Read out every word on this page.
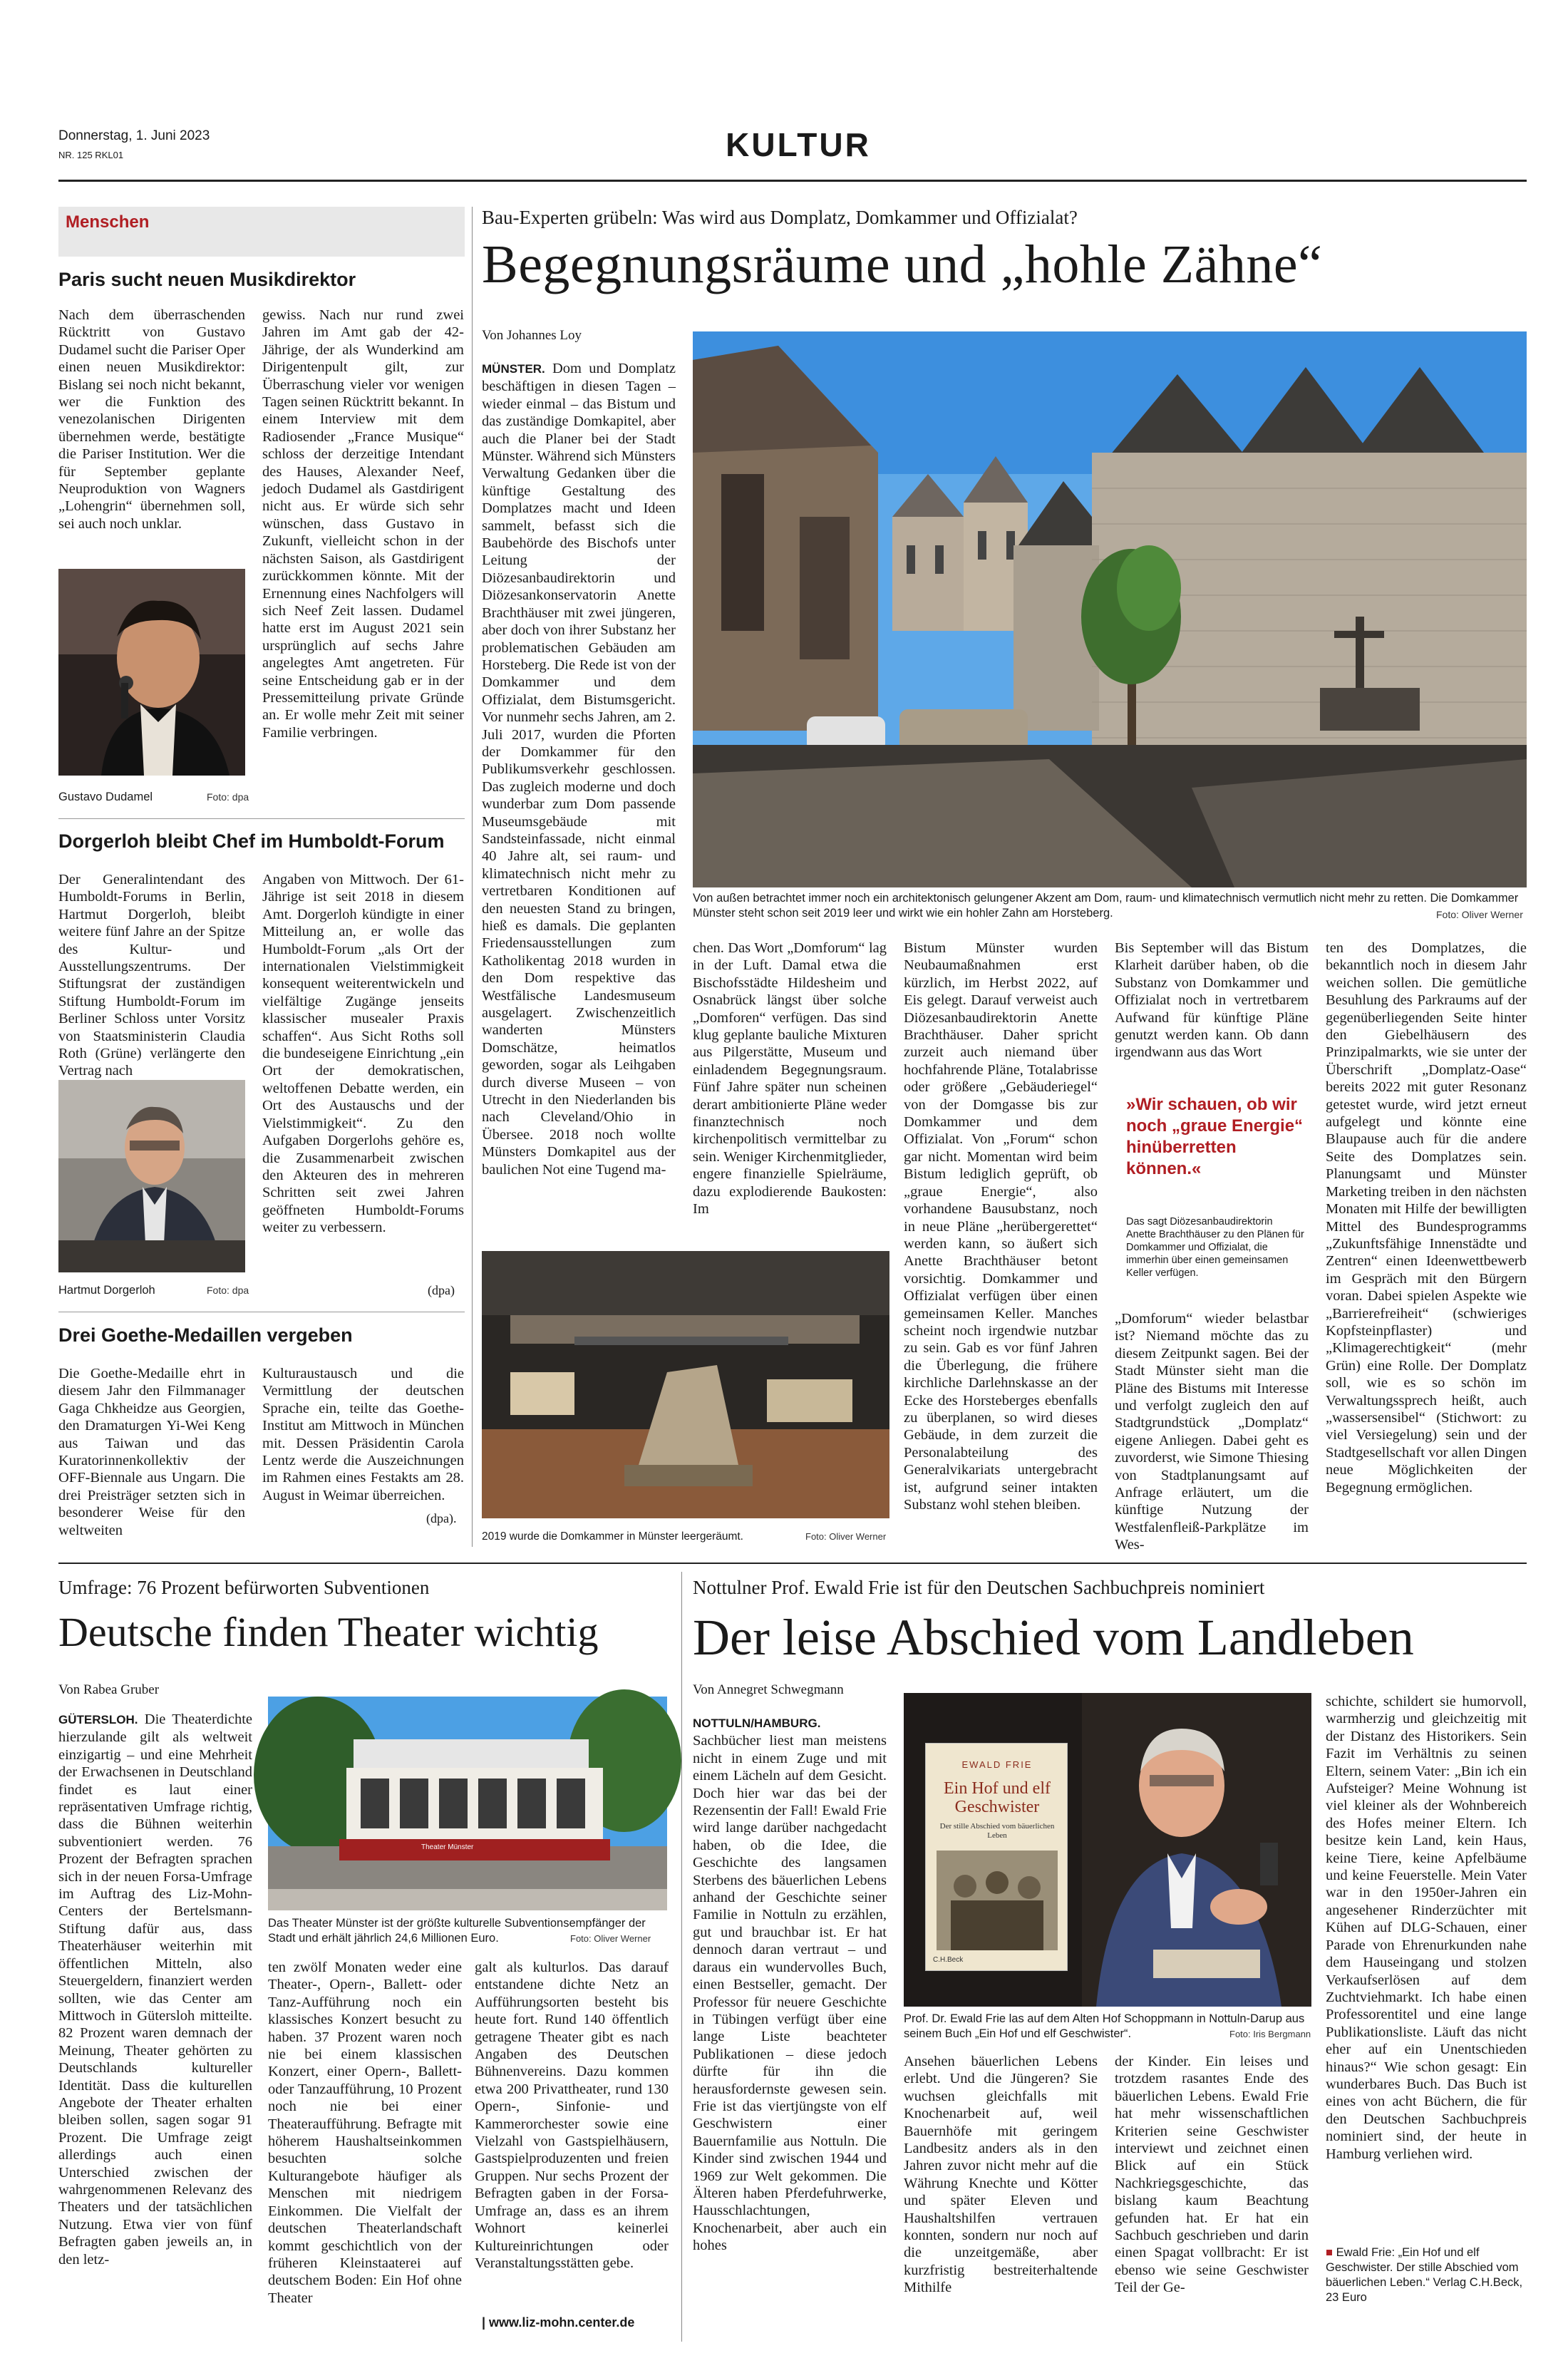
Donnerstag, 1. Juni 2023
NR. 125 RKL01	KULTUR
Menschen
Paris sucht neuen Musikdirektor
Nach dem überraschenden Rücktritt von Gustavo Dudamel sucht die Pariser Oper einen neuen Musikdirektor: Bislang sei noch nicht bekannt, wer die Funktion des venezolanischen Dirigenten übernehmen werde, bestätigte die Pariser Institution. Wer die für September geplante Neuproduktion von Wagners „Lohengrin“ übernehmen soll, sei auch noch unklar.
gewiss. Nach nur rund zwei Jahren im Amt gab der 42-Jährige, der als Wunderkind am Dirigentenpult gilt, zur Überraschung vieler vor wenigen Tagen seinen Rücktritt bekannt. In einem Interview mit dem Radiosender „France Musique“ schloss der derzeitige Intendant des Hauses, Alexander Neef, jedoch Dudamel als Gastdirigent nicht aus. Er würde sich sehr wünschen, dass Gustavo in Zukunft, vielleicht schon in der nächsten Saison, als Gastdirigent zurückkommen könnte. Mit der Ernennung eines Nachfolgers will sich Neef Zeit lassen. Dudamel hatte erst im August 2021 sein ursprünglich auf sechs Jahre angelegtes Amt angetreten. Für seine Entscheidung gab er in der Pressemitteilung private Gründe an. Er wolle mehr Zeit mit seiner Familie verbringen.
Gustavo Dudamel	Foto: dpa
Dorgerloh bleibt Chef im Humboldt-Forum
Der Generalintendant des Humboldt-Forums in Berlin, Hartmut Dorgerloh, bleibt weitere fünf Jahre an der Spitze des Kultur- und Ausstellungszentrums. Der Stiftungsrat der zuständigen Stiftung Humboldt-Forum im Berliner Schloss unter Vorsitz von Staatsministerin Claudia Roth (Grüne) verlängerte den Vertrag nach
Angaben von Mittwoch. Der 61-Jährige ist seit 2018 in diesem Amt. Dorgerloh kündigte in einer Mitteilung an, er wolle das Humboldt-Forum „als Ort der internationalen Vielstimmigkeit konsequent weiterentwickeln und vielfältige Zugänge jenseits klassischer musealer Praxis schaffen“. Aus Sicht Roths soll die bundeseigene Einrichtung „ein Ort der demokratischen, weltoffenen Debatte werden, ein Ort des Austauschs und der Vielstimmigkeit“. Zu den Aufgaben Dorgerlohs gehöre es, die Zusammenarbeit zwischen den Akteuren des in mehreren Schritten seit zwei Jahren geöffneten Humboldt-Forums weiter zu verbessern.
(dpa)
Hartmut Dorgerloh	Foto: dpa
Drei Goethe-Medaillen vergeben
Die Goethe-Medaille ehrt in diesem Jahr den Filmmanager Gaga Chkheidze aus Georgien, den Dramaturgen Yi-Wei Keng aus Taiwan und das Kuratorinnenkollektiv der OFF-Biennale aus Ungarn. Die drei Preisträger setzten sich in besonderer Weise für den weltweiten
Kulturaustausch und die Vermittlung der deutschen Sprache ein, teilte das Goethe-Institut am Mittwoch in München mit. Dessen Präsidentin Carola Lentz werde die Auszeichnungen im Rahmen eines Festakts am 28. August in Weimar überreichen.
(dpa).
Bau-Experten grübeln: Was wird aus Domplatz, Domkammer und Offizialat?
Begegnungsräume und „hohle Zähne“
Von Johannes Loy
MÜNSTER. Dom und Domplatz beschäftigen in diesen Tagen – wieder einmal – das Bistum und das zuständige Domkapitel, aber auch die Planer bei der Stadt Münster. Während sich Münsters Verwaltung Gedanken über die künftige Gestaltung des Domplatzes macht und Ideen sammelt, befasst sich die Baubehörde des Bischofs unter Leitung der Diözesanbaudirektorin und Diözesankonservatorin Anette Brachthäuser mit zwei jüngeren, aber doch von ihrer Substanz her problematischen Gebäuden am Horsteberg. Die Rede ist von der Domkammer und dem Offizialat, dem Bistumsgericht. Vor nunmehr sechs Jahren, am 2. Juli 2017, wurden die Pforten der Domkammer für den Publikumsverkehr geschlossen. Das zugleich moderne und doch wunderbar zum Dom passende Museumsgebäude mit Sandsteinfassade, nicht einmal 40 Jahre alt, sei raum- und klimatechnisch nicht mehr zu vertretbaren Konditionen auf den neuesten Stand zu bringen, hieß es damals. Die geplanten Friedensausstellungen zum Katholikentag 2018 wurden in den Dom respektive das Westfälische Landesmuseum ausgelagert. Zwischenzeitlich wanderten Münsters Domschätze, heimatlos geworden, sogar als Leihgaben durch diverse Museen – von Utrecht in den Niederlanden bis nach Cleveland/Ohio in Übersee. 2018 noch wollte Münsters Domkapitel aus der baulichen Not eine Tugend ma-
Von außen betrachtet immer noch ein architektonisch gelungener Akzent am Dom, raum- und klimatechnisch vermutlich nicht mehr zu retten. Die Domkammer Münster steht schon seit 2019 leer und wirkt wie ein hohler Zahn am Horsteberg.	Foto: Oliver Werner
chen. Das Wort „Domforum“ lag in der Luft. Damal etwa die Bischofsstädte Hildesheim und Osnabrück längst über solche „Domforen“ verfügen. Das sind klug geplante bauliche Mixturen aus Pilgerstätte, Museum und einladendem Begegnungsraum. Fünf Jahre später nun scheinen derart ambitionierte Pläne weder finanztechnisch noch kirchenpolitisch vermittelbar zu sein. Weniger Kirchenmitglieder, engere finanzielle Spielräume, dazu explodierende Baukosten: Im
Bistum Münster wurden Neubaumaßnahmen erst kürzlich, im Herbst 2022, auf Eis gelegt. Darauf verweist auch Diözesanbaudirektorin Anette Brachthäuser. Daher spricht zurzeit auch niemand über hochfahrende Pläne, Totalabrisse oder größere „Gebäuderiegel“ von der Domgasse bis zur Domkammer und dem Offizialat. Von „Forum“ schon gar nicht. Momentan wird beim Bistum lediglich geprüft, ob „graue Energie“, also vorhandene Bausubstanz, noch in neue Pläne „herübergerettet“ werden kann, so äußert sich Anette Brachthäuser betont vorsichtig. Domkammer und Offizialat verfügen über einen gemeinsamen Keller. Manches scheint noch irgendwie nutzbar zu sein. Gab es vor fünf Jahren die Überlegung, die frühere kirchliche Darlehnskasse an der Ecke des Horsteberges ebenfalls zu überplanen, so wird dieses Gebäude, in dem zurzeit die Personalabteilung des Generalvikariats untergebracht ist, aufgrund seiner intakten Substanz wohl stehen bleiben.
Bis September will das Bistum Klarheit darüber haben, ob die Substanz von Domkammer und Offizialat noch in vertretbarem Aufwand für künftige Pläne genutzt werden kann. Ob dann irgendwann aus das Wort
»Wir schauen, ob wir noch „graue Energie“ hinüberretten können.«
Das sagt Diözesanbaudirektorin Anette Brachthäuser zu den Plänen für Domkammer und Offizialat, die immerhin über einen gemeinsamen Keller verfügen.
„Domforum“ wieder belastbar ist? Niemand möchte das zu diesem Zeitpunkt sagen. Bei der Stadt Münster sieht man die Pläne des Bistums mit Interesse und verfolgt zugleich den auf Stadtgrundstück „Domplatz“ eigene Anliegen. Dabei geht es zuvorderst, wie Simone Thiesing von Stadtplanungsamt auf Anfrage erläutert, um die künftige Nutzung der Westfalenfleiß-Parkplätze im Wes-
ten des Domplatzes, die bekanntlich noch in diesem Jahr weichen sollen. Die gemütliche Besuhlung des Parkraums auf der gegenüberliegenden Seite hinter den Giebelhäusern des Prinzipalmarkts, wie sie unter der Überschrift „Domplatz-Oase“ bereits 2022 mit guter Resonanz getestet wurde, wird jetzt erneut aufgelegt und könnte eine Blaupause auch für die andere Seite des Domplatzes sein. Planungsamt und Münster Marketing treiben in den nächsten Monaten mit Hilfe der bewilligten Mittel des Bundesprogramms „Zukunftsfähige Innenstädte und Zentren“ einen Ideenwettbewerb im Gespräch mit den Bürgern voran. Dabei spielen Aspekte wie „Barrierefreiheit“ (schwieriges Kopfsteinpflaster) und „Klimagerechtigkeit“ (mehr Grün) eine Rolle. Der Domplatz soll, wie es so schön im Verwaltungssprech heißt, auch „wassersensibel“ (Stichwort: zu viel Versiegelung) sein und der Stadtgesellschaft vor allen Dingen neue Möglichkeiten der Begegnung ermöglichen.
2019 wurde die Domkammer in Münster leergeräumt.	Foto: Oliver Werner
Umfrage: 76 Prozent befürworten Subventionen
Deutsche finden Theater wichtig
Von Rabea Gruber
GÜTERSLOH. Die Theaterdichte hierzulande gilt als weltweit einzigartig – und eine Mehrheit der Erwachsenen in Deutschland findet es laut einer repräsentativen Umfrage richtig, dass die Bühnen weiterhin subventioniert werden. 76 Prozent der Befragten sprachen sich in der neuen Forsa-Umfrage im Auftrag des Liz-Mohn-Centers der Bertelsmann-Stiftung dafür aus, dass Theaterhäuser weiterhin mit öffentlichen Mitteln, also Steuergeldern, finanziert werden sollten, wie das Center am Mittwoch in Gütersloh mitteilte. 82 Prozent waren demnach der Meinung, Theater gehörten zu Deutschlands kultureller Identität. Dass die kulturellen Angebote der Theater erhalten bleiben sollen, sagen sogar 91 Prozent. Die Umfrage zeigt allerdings auch einen Unterschied zwischen der wahrgenommenen Relevanz des Theaters und der tatsächlichen Nutzung. Etwa vier von fünf Befragten gaben jeweils an, in den letz-
Theater Münster
Das Theater Münster ist der größte kulturelle Subventionsempfänger der Stadt und erhält jährlich 24,6 Millionen Euro.	Foto: Oliver Werner
ten zwölf Monaten weder eine Theater-, Opern-, Ballett- oder Tanz-Aufführung noch ein klassisches Konzert besucht zu haben. 37 Prozent waren noch nie bei einem klassischen Konzert, einer Opern-, Ballett- oder Tanzaufführung, 10 Prozent noch nie bei einer Theateraufführung. Befragte mit höherem Haushaltseinkommen besuchten solche Kulturangebote häufiger als Menschen mit niedrigem Einkommen. Die Vielfalt der deutschen Theaterlandschaft kommt geschichtlich von der früheren Kleinstaaterei auf deutschem Boden: Ein Hof ohne Theater
galt als kulturlos. Das darauf entstandene dichte Netz an Aufführungsorten besteht bis heute fort. Rund 140 öffentlich getragene Theater gibt es nach Angaben des Deutschen Bühnenvereins. Dazu kommen etwa 200 Privattheater, rund 130 Opern-, Sinfonie- und Kammerorchester sowie eine Vielzahl von Gastspielhäusern, Gastspielproduzenten und freien Gruppen. Nur sechs Prozent der Befragten gaben in der Forsa-Umfrage an, dass es an ihrem Wohnort keinerlei Kultureinrichtungen oder Veranstaltungsstätten gebe.
| www.liz-mohn.center.de
Nottulner Prof. Ewald Frie ist für den Deutschen Sachbuchpreis nominiert
Der leise Abschied vom Landleben
Von Annegret Schwegmann
NOTTULN/HAMBURG. Sachbücher liest man meistens nicht in einem Zuge und mit einem Lächeln auf dem Gesicht. Doch hier war das bei der Rezensentin der Fall! Ewald Frie wird lange darüber nachgedacht haben, ob die Idee, die Geschichte des langsamen Sterbens des bäuerlichen Lebens anhand der Geschichte seiner Familie in Nottuln zu erzählen, gut und brauchbar ist. Er hat dennoch daran vertraut – und daraus ein wundervolles Buch, einen Bestseller, gemacht. Der Professor für neuere Geschichte in Tübingen verfügt über eine lange Liste beachteter Publikationen – diese jedoch dürfte für ihn die herausfordernste gewesen sein. Frie ist das viertjüngste von elf Geschwistern einer Bauernfamilie aus Nottuln. Die Kinder sind zwischen 1944 und 1969 zur Welt gekommen. Die Älteren haben Pferdefuhrwerke, Hausschlachtungen, Knochenarbeit, aber auch ein hohes
EWALD FRIE
Ein Hof und elf Geschwister
Der stille Abschied vom bäuerlichen Leben
C.H.Beck
Prof. Dr. Ewald Frie las auf dem Alten Hof Schoppmann in Nottuln-Darup aus seinem Buch „Ein Hof und elf Geschwister“.	Foto: Iris Bergmann
Ansehen bäuerlichen Lebens erlebt. Und die Jüngeren? Sie wuchsen gleichfalls mit Knochenarbeit auf, weil Bauernhöfe mit geringem Landbesitz anders als in den Jahren zuvor nicht mehr auf die Währung Knechte und Kötter und später Eleven und Haushaltshilfen vertrauen konnten, sondern nur noch auf die unzeitgemäße, aber kurzfristig bestreiterhaltende Mithilfe
der Kinder. Ein leises und trotzdem rasantes Ende des bäuerlichen Lebens. Ewald Frie hat mehr wissenschaftlichen Kriterien seine Geschwister interviewt und zeichnet einen Blick auf ein Stück Nachkriegsgeschichte, das bislang kaum Beachtung gefunden hat. Er hat ein Sachbuch geschrieben und darin einen Spagat vollbracht: Er ist ebenso wie seine Geschwister Teil der Ge-
schichte, schildert sie humorvoll, warmherzig und gleichzeitig mit der Distanz des Historikers. Sein Fazit im Verhältnis zu seinen Eltern, seinem Vater: „Bin ich ein Aufsteiger? Meine Wohnung ist viel kleiner als der Wohnbereich des Hofes meiner Eltern. Ich besitze kein Land, kein Haus, keine Tiere, keine Apfelbäume und keine Feuerstelle. Mein Vater war in den 1950er-Jahren ein angesehener Rinderzüchter mit Kühen auf DLG-Schauen, einer Parade von Ehrenurkunden nahe dem Hauseingang und stolzen Verkaufserlösen auf dem Zuchtviehmarkt. Ich habe einen Professorentitel und eine lange Publikationsliste. Läuft das nicht eher auf ein Unentschieden hinaus?“ Wie schon gesagt: Ein wunderbares Buch. Das Buch ist eines von acht Büchern, die für den Deutschen Sachbuchpreis nominiert sind, der heute in Hamburg verliehen wird.
■ Ewald Frie: „Ein Hof und elf Geschwister. Der stille Abschied vom bäuerlichen Leben.“ Verlag C.H.Beck, 23 Euro
